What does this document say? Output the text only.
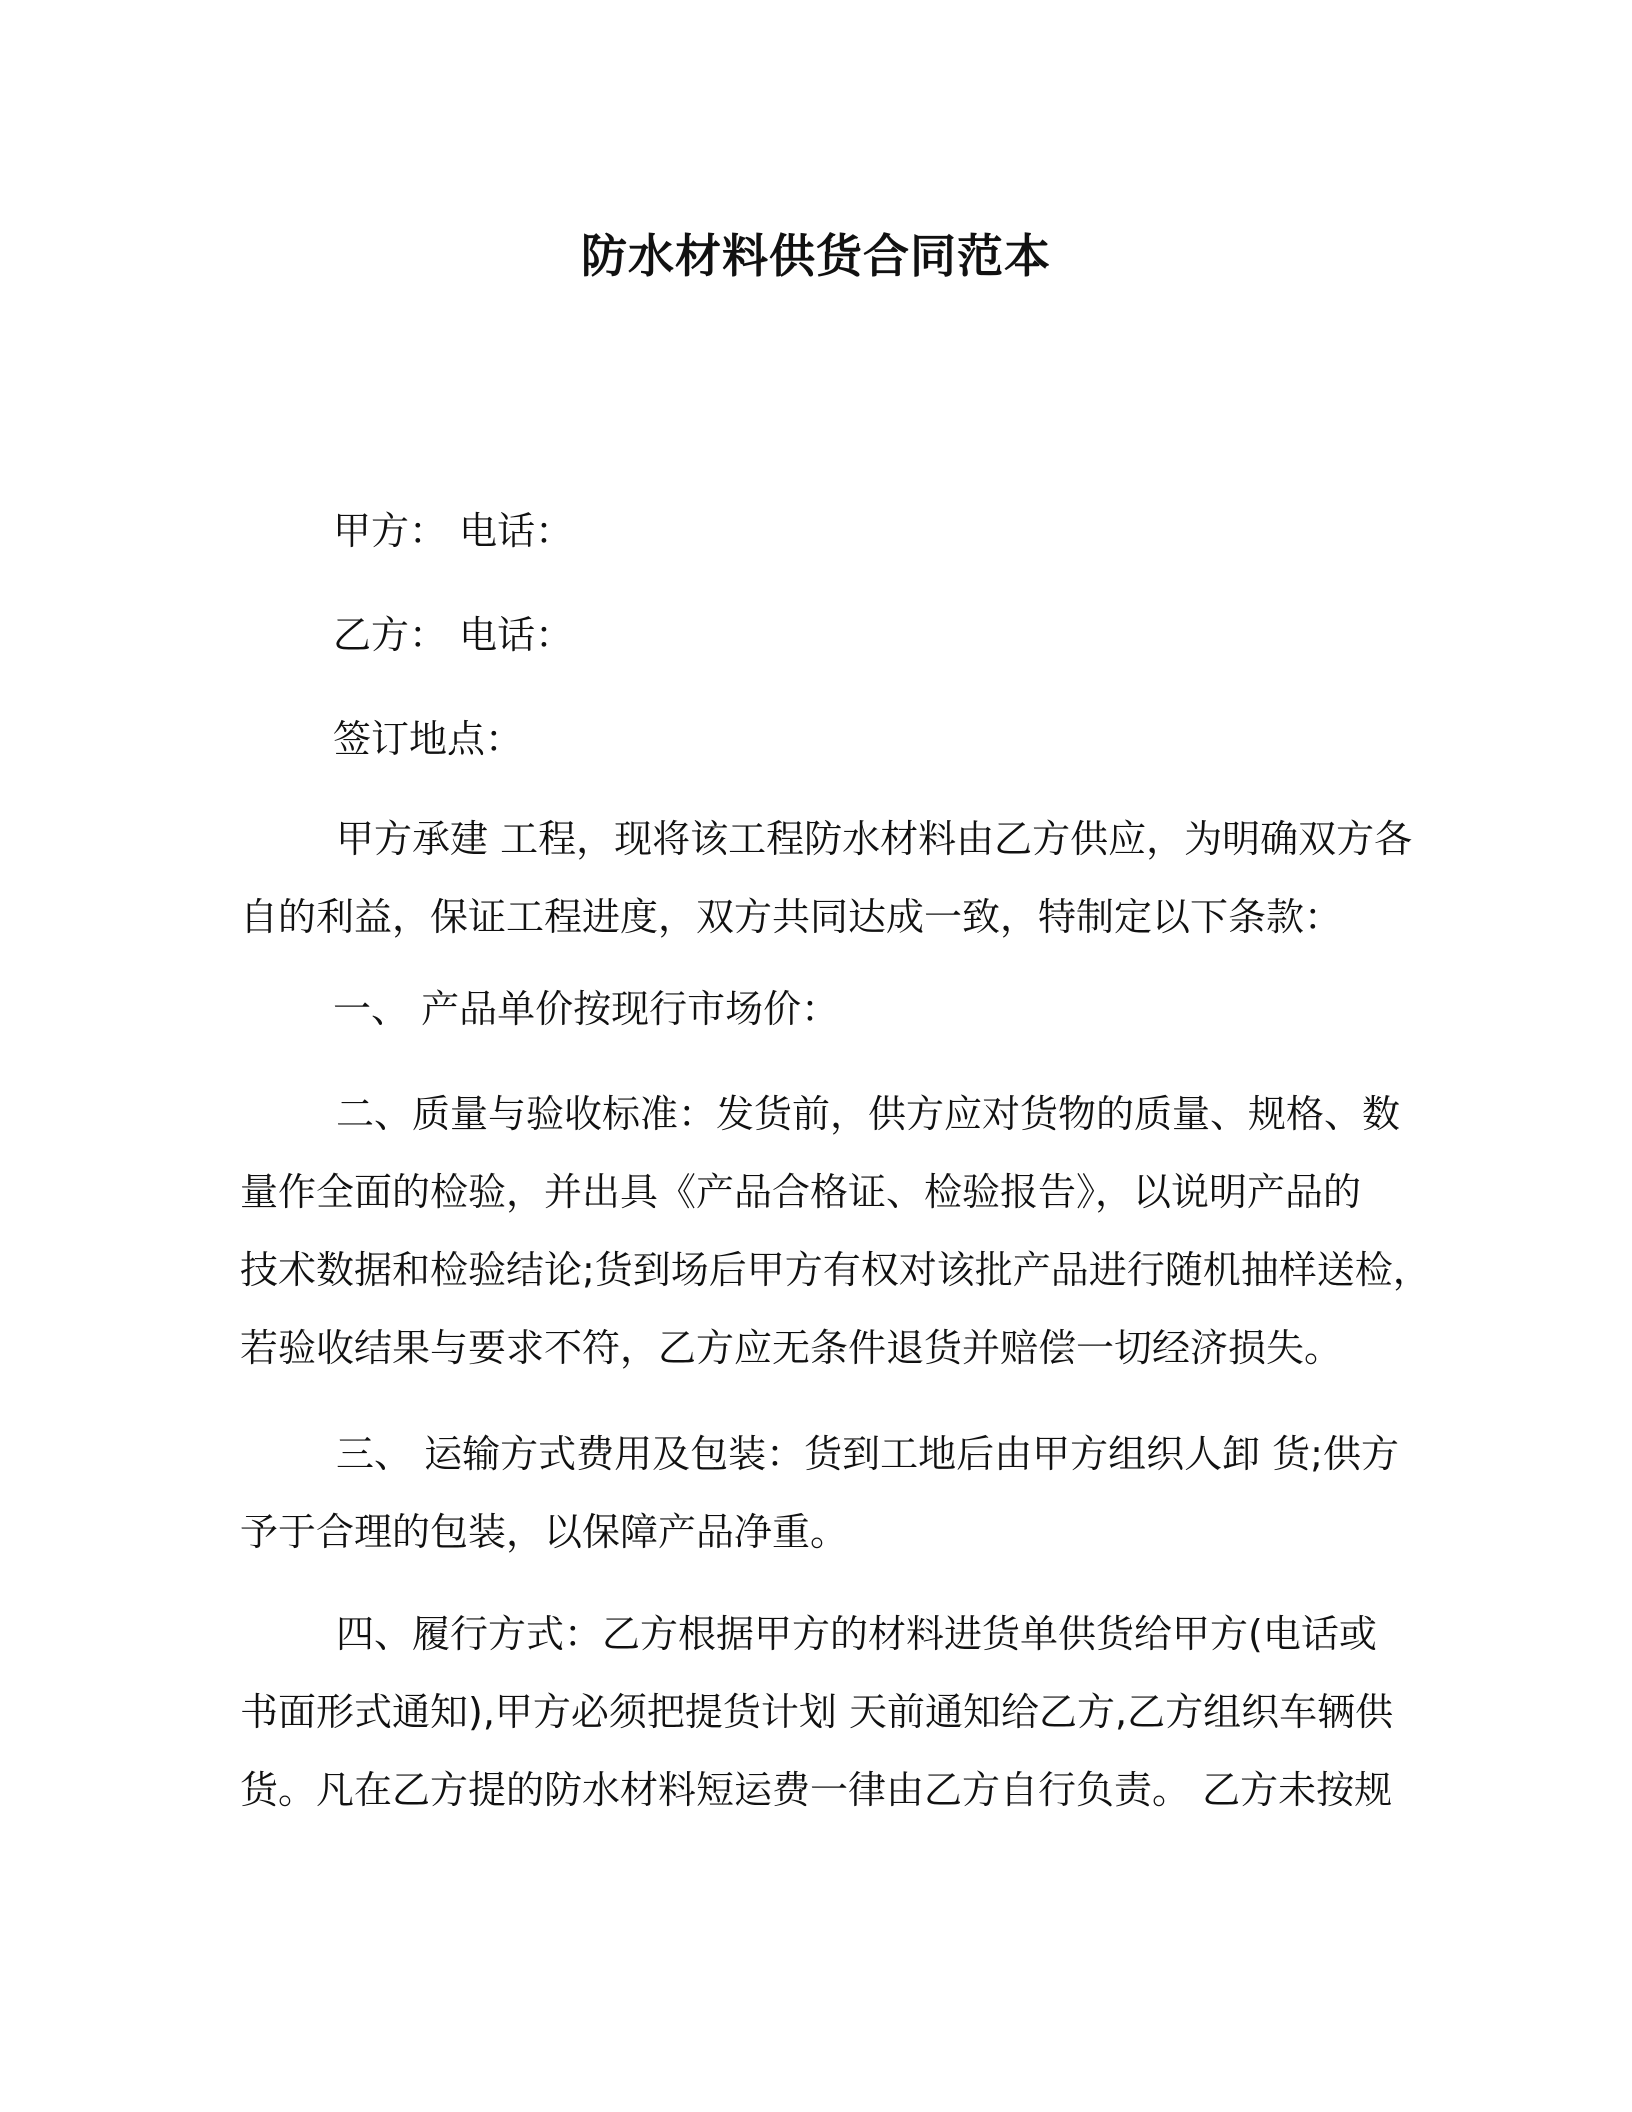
防水材料供货合同范本

甲方： 电话：

乙方： 电话：

签订地点：

甲方承建 工程，现将该工程防水材料由乙方供应，为明确双方各
自的利益，保证工程进度，双方共同达成一致，特制定以下条款：

一、 产品单价按现行市场价：

二、质量与验收标准：发货前，供方应对货物的质量、规格、数
量作全面的检验，并出具《产品合格证、检验报告》，以说明产品的
技术数据和检验结论;货到场后甲方有权对该批产品进行随机抽样送检，
若验收结果与要求不符，乙方应无条件退货并赔偿一切经济损失。
三、 运输方式费用及包装：货到工地后由甲方组织人卸 货;供方
予于合理的包装，以保障产品净重。
四、履行方式：乙方根据甲方的材料进货单供货给甲方(电话或
书面形式通知),甲方必须把提货计划 天前通知给乙方,乙方组织车辆供
货。凡在乙方提的防水材料短运费一律由乙方自行负责。 乙方未按规
